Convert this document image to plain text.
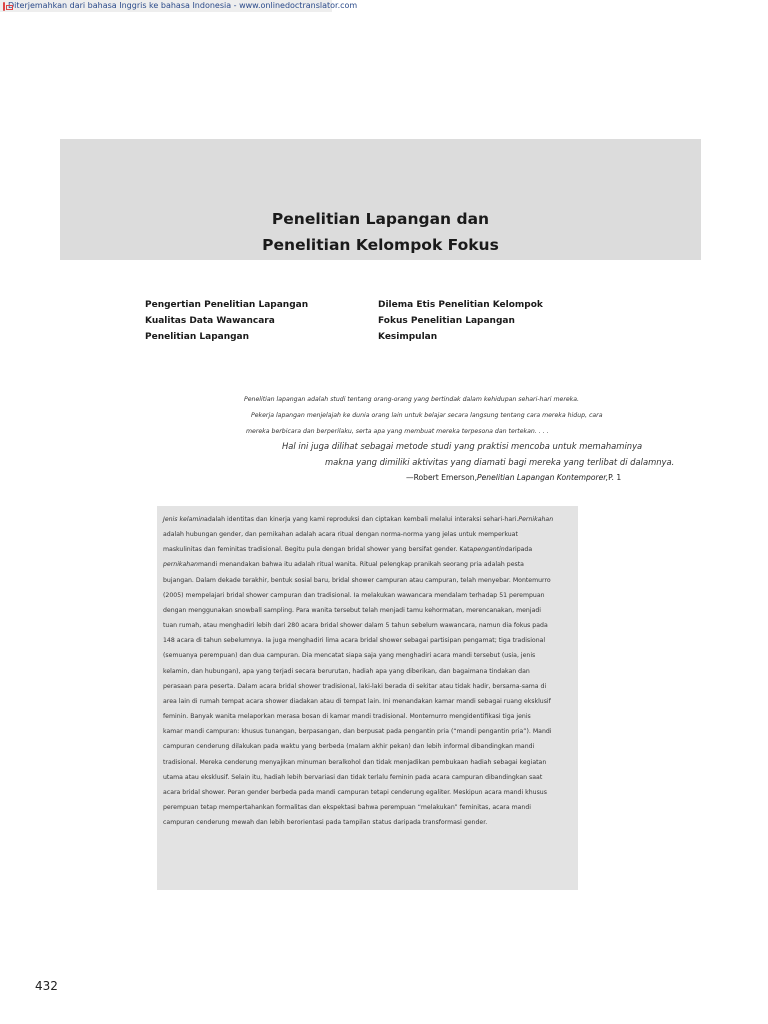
Diterjemahkan dari bahasa Inggris ke bahasa Indonesia - www.onlinedoctranslator.com
Penelitian Lapangan dan
Penelitian Kelompok Fokus
Pengertian Penelitian Lapangan
Kualitas Data Wawancara
Penelitian Lapangan
Dilema Etis Penelitian Kelompok
Fokus Penelitian Lapangan
Kesimpulan
Penelitian lapangan adalah studi tentang orang-orang yang bertindak dalam kehidupan sehari-hari mereka.
Pekerja lapangan menjelajah ke dunia orang lain untuk belajar secara langsung tentang cara mereka hidup, cara
mereka berbicara dan berperilaku, serta apa yang membuat mereka terpesona dan tertekan. . . .
Hal ini juga dilihat sebagai metode studi yang praktisi mencoba untuk memahaminya
makna yang dimiliki aktivitas yang diamati bagi mereka yang terlibat di dalamnya.
—Robert Emerson,Penelitian Lapangan Kontemporer,P. 1
Jenis kelaminadalah identitas dan kinerja yang kami reproduksi dan ciptakan kembali melalui interaksi sehari-hari.Pernikahan
adalah hubungan gender, dan pernikahan adalah acara ritual dengan norma-norma yang jelas untuk memperkuat
maskulinitas dan feminitas tradisional. Begitu pula dengan bridal shower yang bersifat gender. Katapengantindaripada
pernikahanmandi menandakan bahwa itu adalah ritual wanita. Ritual pelengkap pranikah seorang pria adalah pesta
bujangan. Dalam dekade terakhir, bentuk sosial baru, bridal shower campuran atau campuran, telah menyebar. Montemurro
(2005) mempelajari bridal shower campuran dan tradisional. Ia melakukan wawancara mendalam terhadap 51 perempuan
dengan menggunakan snowball sampling. Para wanita tersebut telah menjadi tamu kehormatan, merencanakan, menjadi
tuan rumah, atau menghadiri lebih dari 280 acara bridal shower dalam 5 tahun sebelum wawancara, namun dia fokus pada
148 acara di tahun sebelumnya. Ia juga menghadiri lima acara bridal shower sebagai partisipan pengamat; tiga tradisional
(semuanya perempuan) dan dua campuran. Dia mencatat siapa saja yang menghadiri acara mandi tersebut (usia, jenis
kelamin, dan hubungan), apa yang terjadi secara berurutan, hadiah apa yang diberikan, dan bagaimana tindakan dan
perasaan para peserta. Dalam acara bridal shower tradisional, laki-laki berada di sekitar atau tidak hadir, bersama-sama di
area lain di rumah tempat acara shower diadakan atau di tempat lain. Ini menandakan kamar mandi sebagai ruang eksklusif
feminin. Banyak wanita melaporkan merasa bosan di kamar mandi tradisional. Montemurro mengidentifikasi tiga jenis
kamar mandi campuran: khusus tunangan, berpasangan, dan berpusat pada pengantin pria (“mandi pengantin pria”). Mandi
campuran cenderung dilakukan pada waktu yang berbeda (malam akhir pekan) dan lebih informal dibandingkan mandi
tradisional. Mereka cenderung menyajikan minuman beralkohol dan tidak menjadikan pembukaan hadiah sebagai kegiatan
utama atau eksklusif. Selain itu, hadiah lebih bervariasi dan tidak terlalu feminin pada acara campuran dibandingkan saat
acara bridal shower. Peran gender berbeda pada mandi campuran tetapi cenderung egaliter. Meskipun acara mandi khusus
perempuan tetap mempertahankan formalitas dan ekspektasi bahwa perempuan “melakukan” feminitas, acara mandi
campuran cenderung mewah dan lebih berorientasi pada tampilan status daripada transformasi gender.
432
